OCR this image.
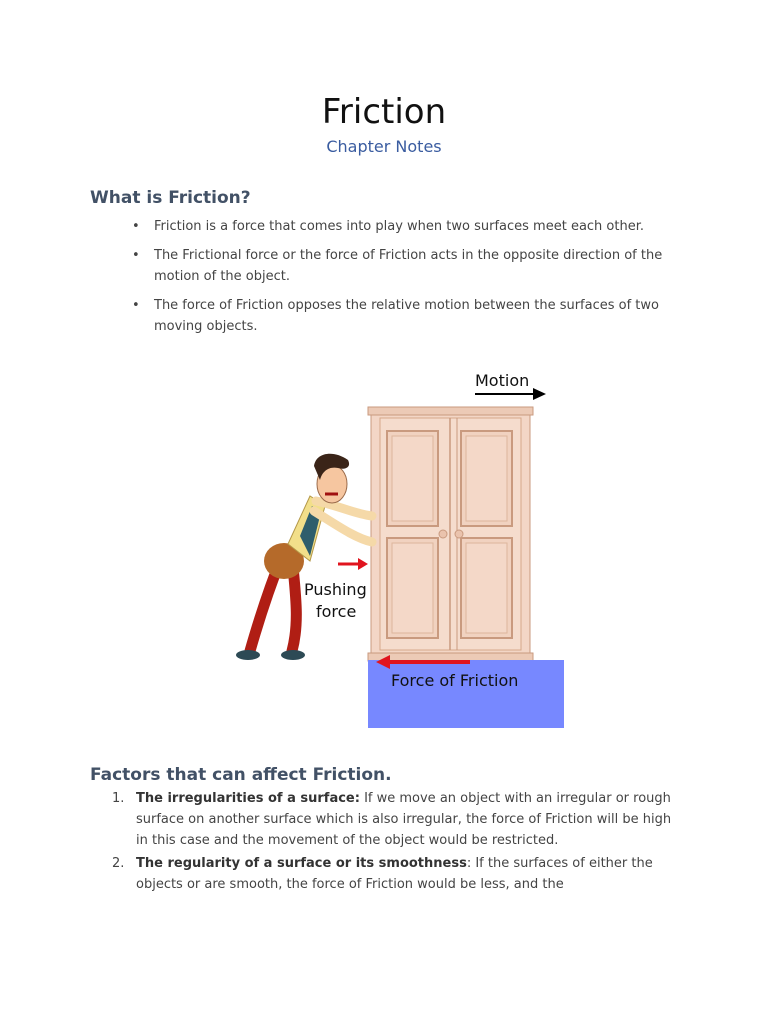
Friction
Chapter Notes
What is Friction?
• Friction is a force that comes into play when two surfaces meet each other.
• The Frictional force or the force of Friction acts in the opposite direction of the motion of the object.
• The force of Friction opposes the relative motion between the surfaces of two moving objects.
Motion
Pushing
force
Force of Friction
Factors that can affect Friction.
1. The irregularities of a surface: If we move an object with an irregular or rough surface on another surface which is also irregular, the force of Friction will be high in this case and the movement of the object would be restricted.
2. The regularity of a surface or its smoothness: If the surfaces of either the objects or are smooth, the force of Friction would be less, and the
